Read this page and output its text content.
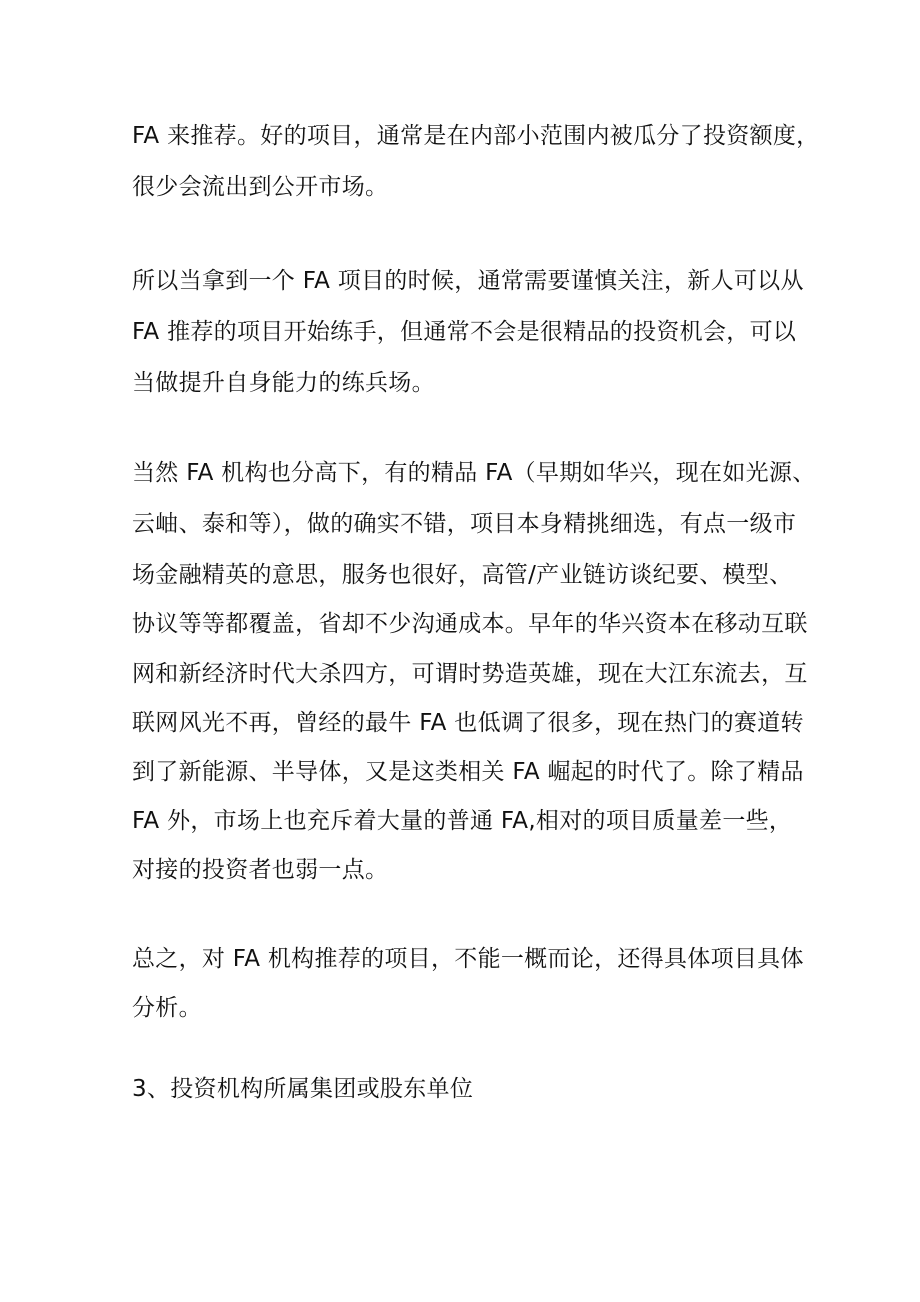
FA 来推荐。好的项目，通常是在内部小范围内被瓜分了投资额度，
很少会流出到公开市场。
所以当拿到一个 FA 项目的时候，通常需要谨慎关注，新人可以从
FA 推荐的项目开始练手，但通常不会是很精品的投资机会，可以
当做提升自身能力的练兵场。
当然 FA 机构也分高下，有的精品 FA（早期如华兴，现在如光源、
云岫、泰和等），做的确实不错，项目本身精挑细选，有点一级市
场金融精英的意思，服务也很好，高管/产业链访谈纪要、模型、
协议等等都覆盖，省却不少沟通成本。早年的华兴资本在移动互联
网和新经济时代大杀四方，可谓时势造英雄，现在大江东流去，互
联网风光不再，曾经的最牛 FA 也低调了很多，现在热门的赛道转
到了新能源、半导体，又是这类相关 FA 崛起的时代了。除了精品
FA 外，市场上也充斥着大量的普通 FA,相对的项目质量差一些，
对接的投资者也弱一点。
总之，对 FA 机构推荐的项目，不能一概而论，还得具体项目具体
分析。
3、投资机构所属集团或股东单位
